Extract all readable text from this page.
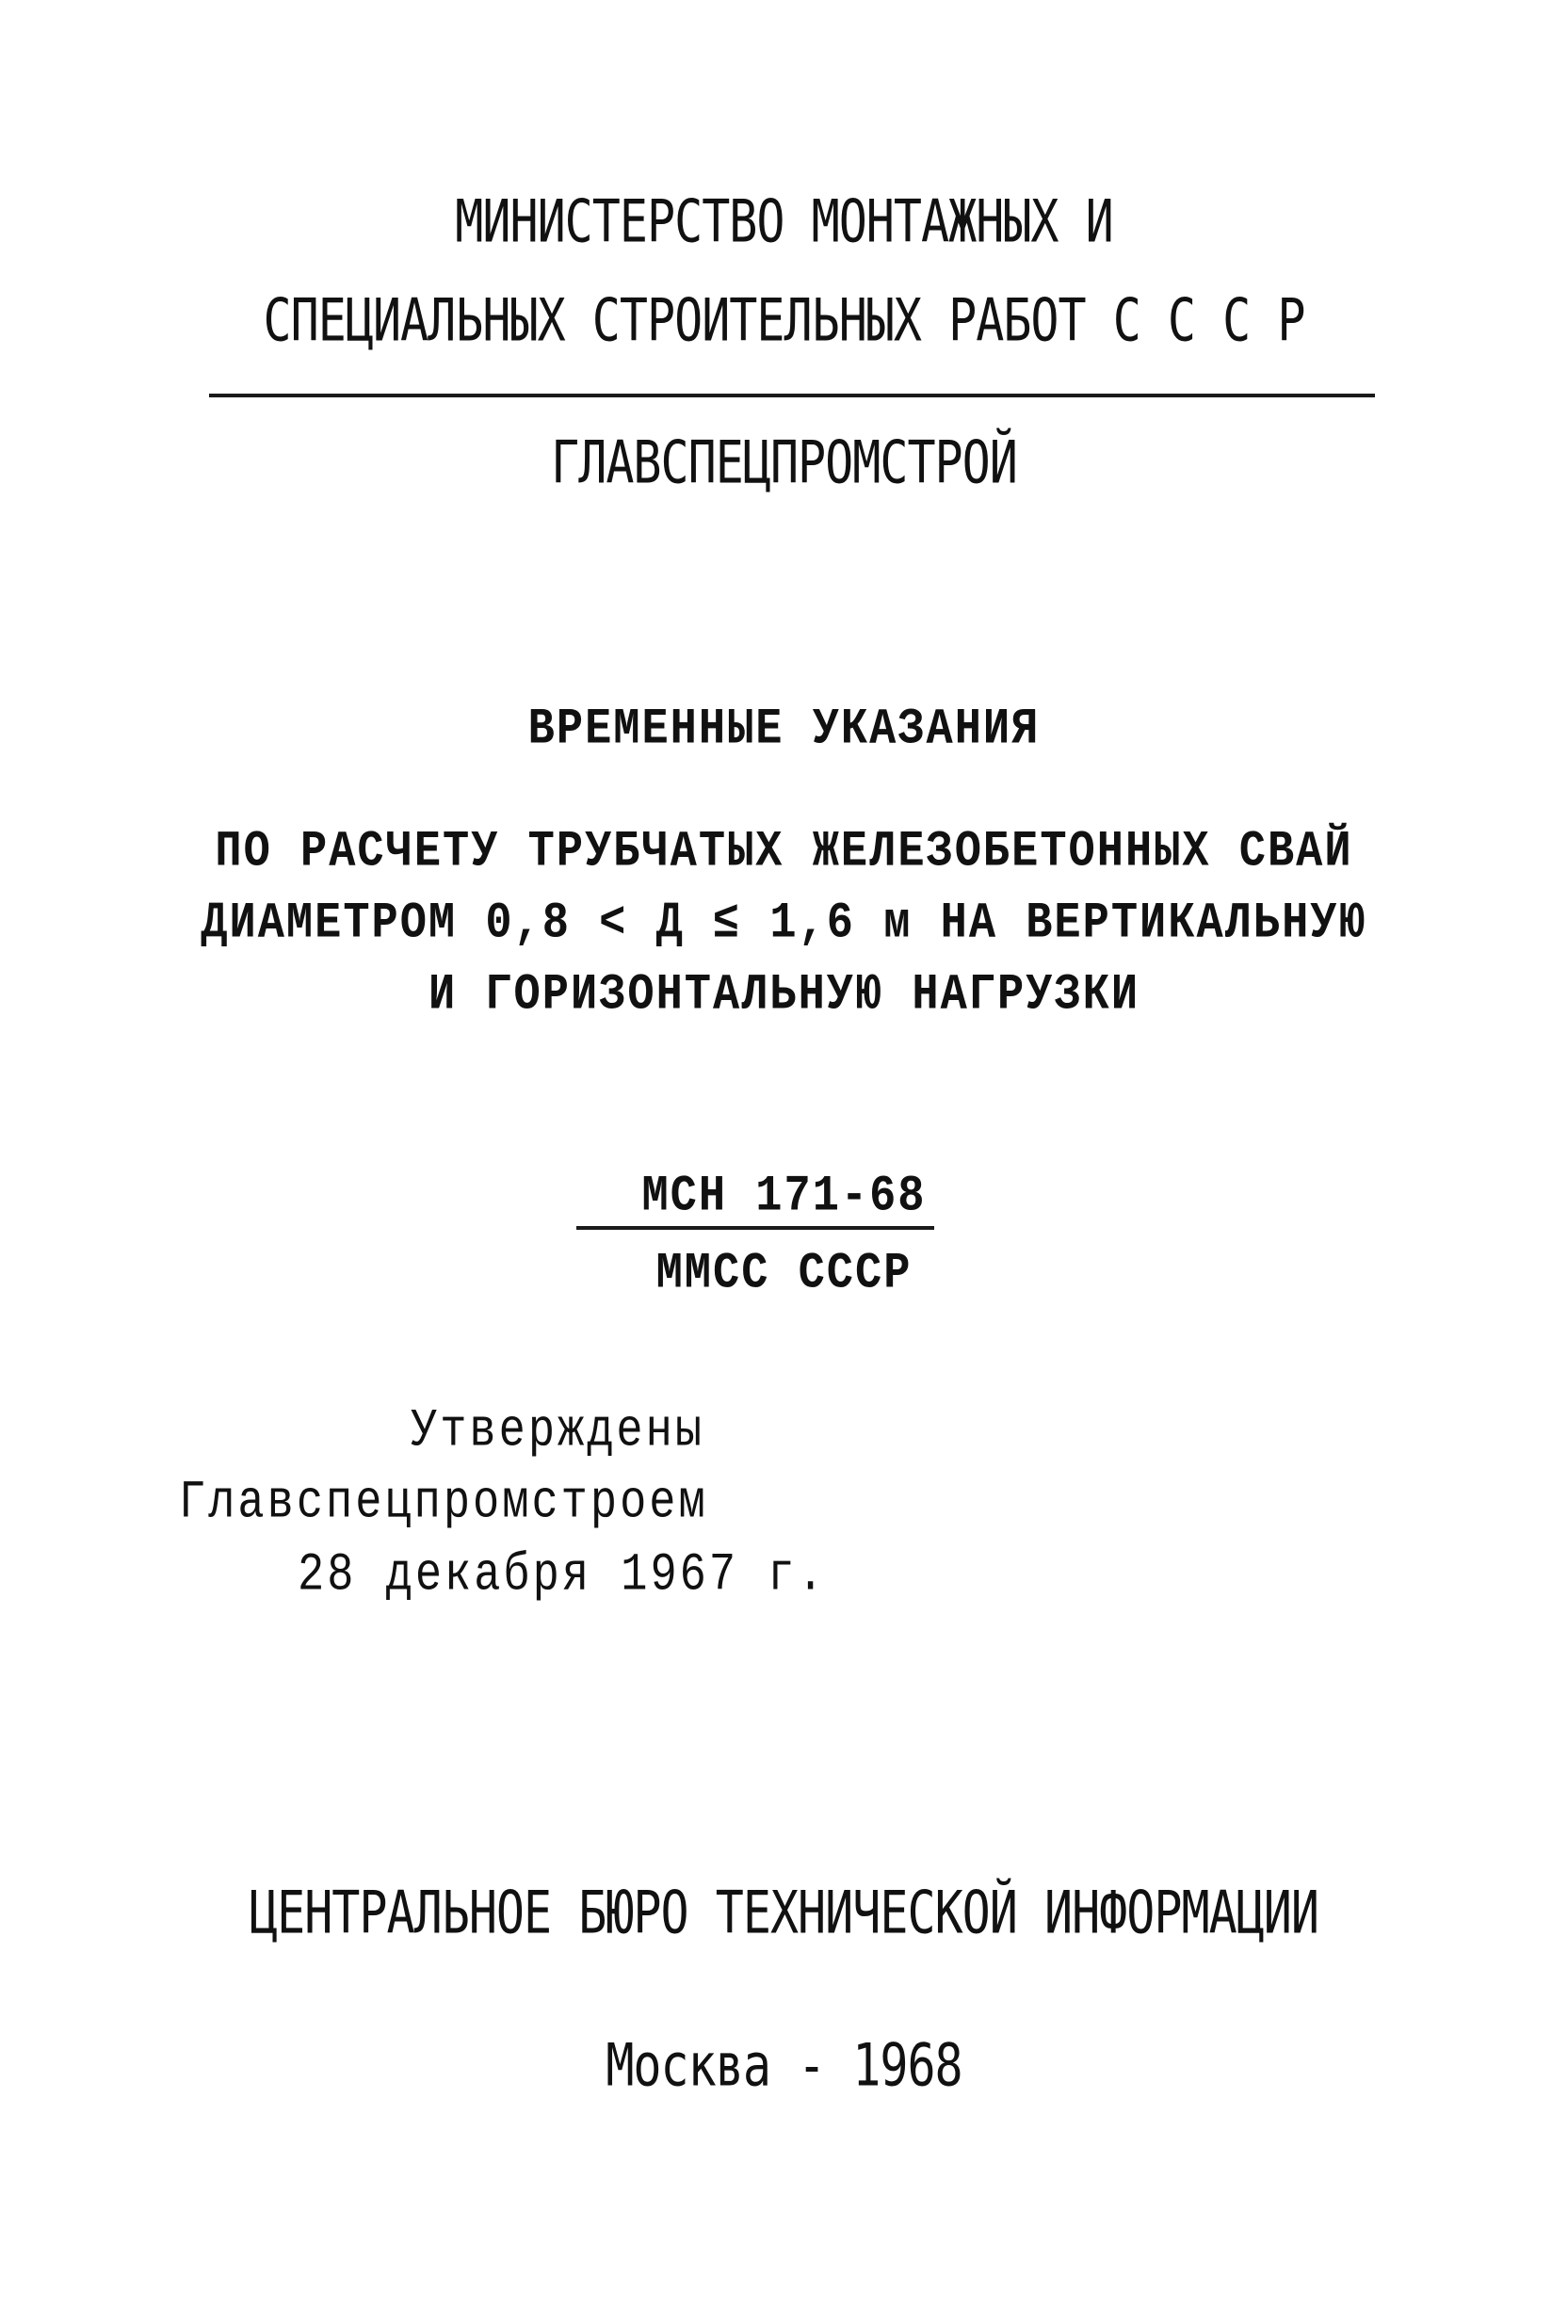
МИНИСТЕРСТВО МОНТАЖНЫХ И
СПЕЦИАЛЬНЫХ СТРОИТЕЛЬНЫХ РАБОТ С С С Р
ГЛАВСПЕЦПРОМСТРОЙ
ВРЕМЕННЫЕ УКАЗАНИЯ
ПО РАСЧЕТУ ТРУБЧАТЫХ ЖЕЛЕЗОБЕТОННЫХ СВАЙ
ДИАМЕТРОМ 0,8 < Д ≤ 1,6 м НА ВЕРТИКАЛЬНУЮ
И ГОРИЗОНТАЛЬНУЮ НАГРУЗКИ
МСН 171-68
ММСС СССР
Утверждены
Главспецпромстроем
28 декабря 1967 г.
ЦЕНТРАЛЬНОЕ БЮРО ТЕХНИЧЕСКОЙ ИНФОРМАЦИИ
Москва - 1968
